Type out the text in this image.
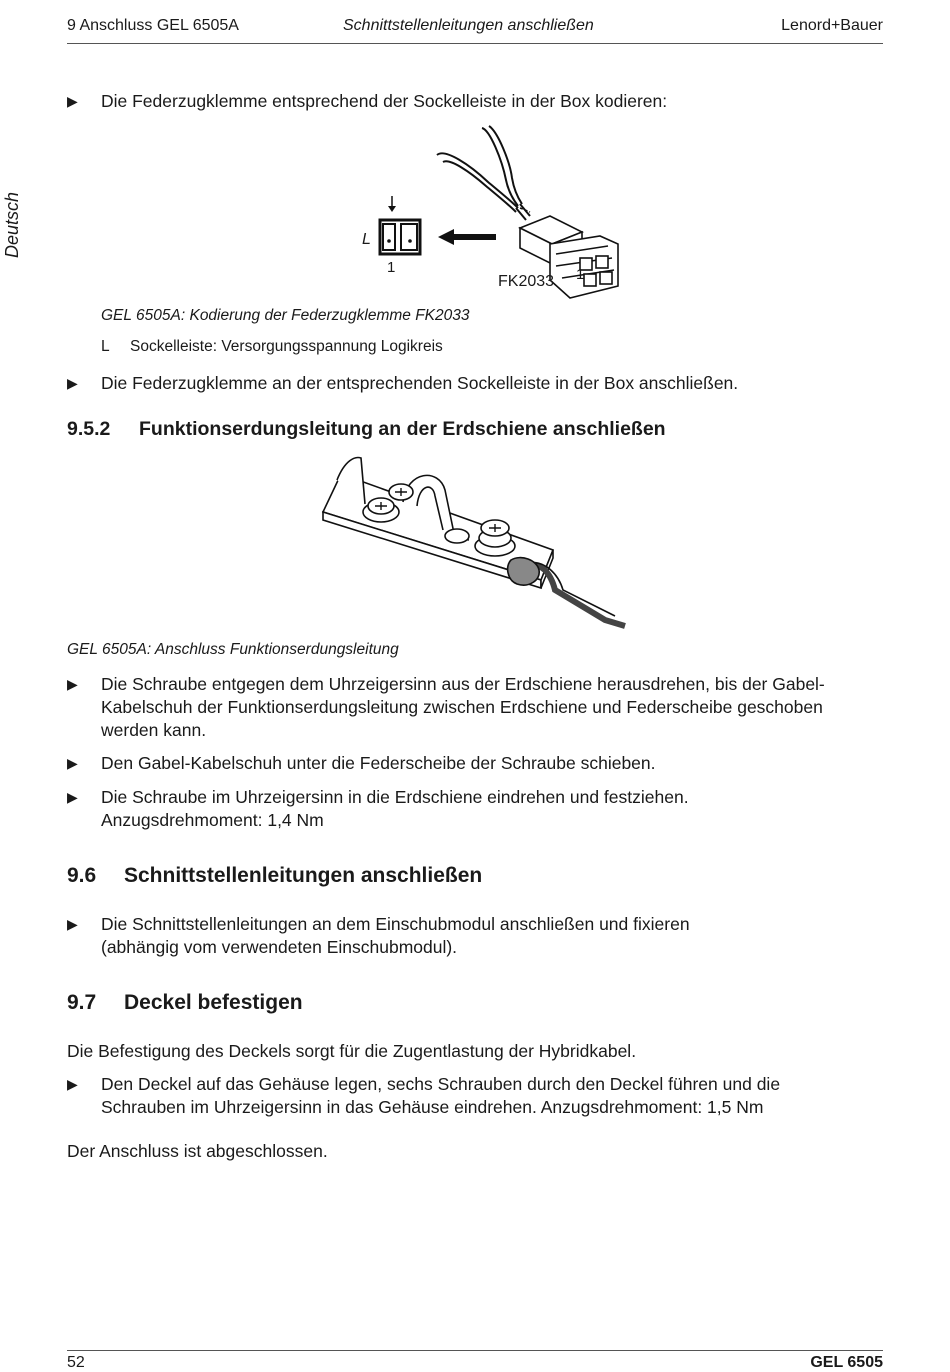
9 Anschluss GEL 6505A	Schnittstellenleitungen anschließen	Lenord+Bauer
Deutsch
▶ Die Federzugklemme entsprechend der Sockelleiste in der Box kodieren:
L
1
FK2033 1
GEL 6505A: Kodierung der Federzugklemme FK2033
L Sockelleiste: Versorgungsspannung Logikreis
▶ Die Federzugklemme an der entsprechenden Sockelleiste in der Box anschließen.
9.5.2 Funktionserdungsleitung an der Erdschiene anschließen
GEL 6505A: Anschluss Funktionserdungsleitung
▶ Die Schraube entgegen dem Uhrzeigersinn aus der Erdschiene herausdrehen, bis der Gabel-Kabelschuh der Funktionserdungsleitung zwischen Erdschiene und Federscheibe geschoben werden kann.
▶ Den Gabel-Kabelschuh unter die Federscheibe der Schraube schieben.
▶ Die Schraube im Uhrzeigersinn in die Erdschiene eindrehen und festziehen.
Anzugsdrehmoment: 1,4 Nm
9.6 Schnittstellenleitungen anschließen
▶ Die Schnittstellenleitungen an dem Einschubmodul anschließen und fixieren
(abhängig vom verwendeten Einschubmodul).
9.7 Deckel befestigen
Die Befestigung des Deckels sorgt für die Zugentlastung der Hybridkabel.
▶ Den Deckel auf das Gehäuse legen, sechs Schrauben durch den Deckel führen und die
Schrauben im Uhrzeigersinn in das Gehäuse eindrehen. Anzugsdrehmoment: 1,5 Nm
Der Anschluss ist abgeschlossen.
52	GEL 6505
